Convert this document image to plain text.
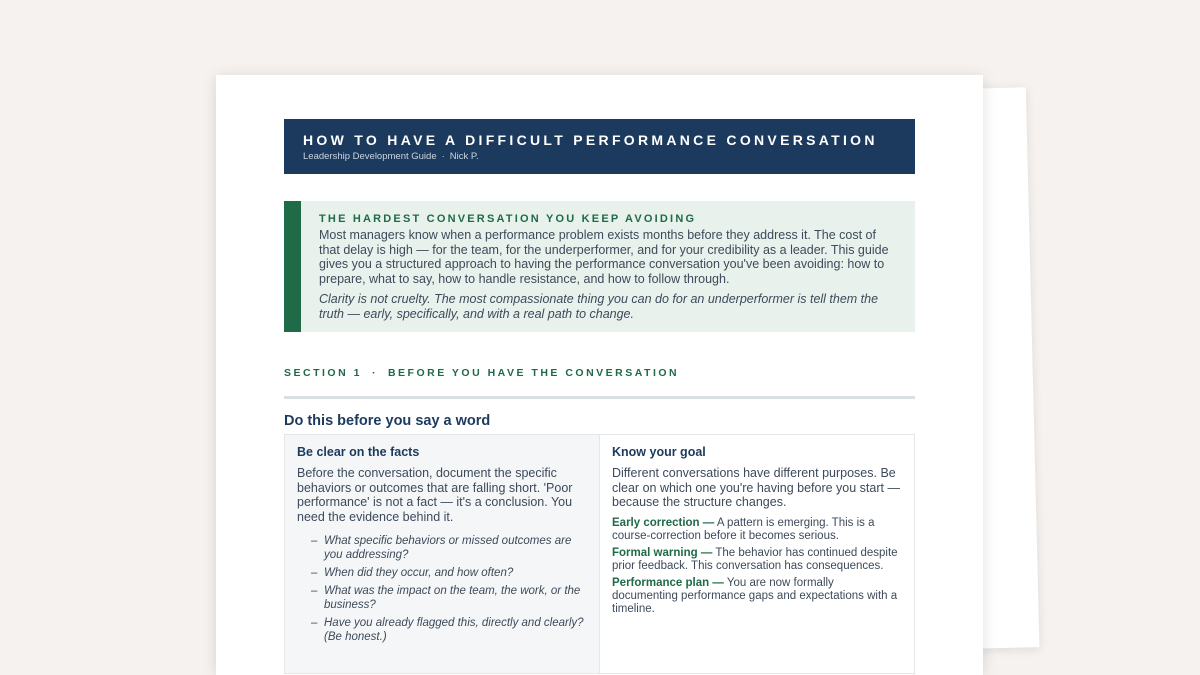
HOW TO HAVE A DIFFICULT PERFORMANCE CONVERSATION
Leadership Development Guide · Nick P.
THE HARDEST CONVERSATION YOU KEEP AVOIDING

Most managers know when a performance problem exists months before they address it. The cost of that delay is high — for the team, for the underperformer, and for your credibility as a leader. This guide gives you a structured approach to having the performance conversation you've been avoiding: how to prepare, what to say, how to handle resistance, and how to follow through.

Clarity is not cruelty. The most compassionate thing you can do for an underperformer is tell them the truth — early, specifically, and with a real path to change.

SECTION 1 · BEFORE YOU HAVE THE CONVERSATION
Do this before you say a word
Be clear on the facts

Before the conversation, document the specific behaviors or outcomes that are falling short. 'Poor performance' is not a fact — it's a conclusion. You need the evidence behind it.

– What specific behaviors or missed outcomes are you addressing?
– When did they occur, and how often?
– What was the impact on the team, the work, or the business?
– Have you already flagged this, directly and clearly? (Be honest.)
Know your goal

Different conversations have different purposes. Be clear on which one you're having before you start — because the structure changes.

Early correction — A pattern is emerging. This is a course-correction before it becomes serious.

Formal warning — The behavior has continued despite prior feedback. This conversation has consequences.

Performance plan — You are now formally documenting performance gaps and expectations with a timeline.
